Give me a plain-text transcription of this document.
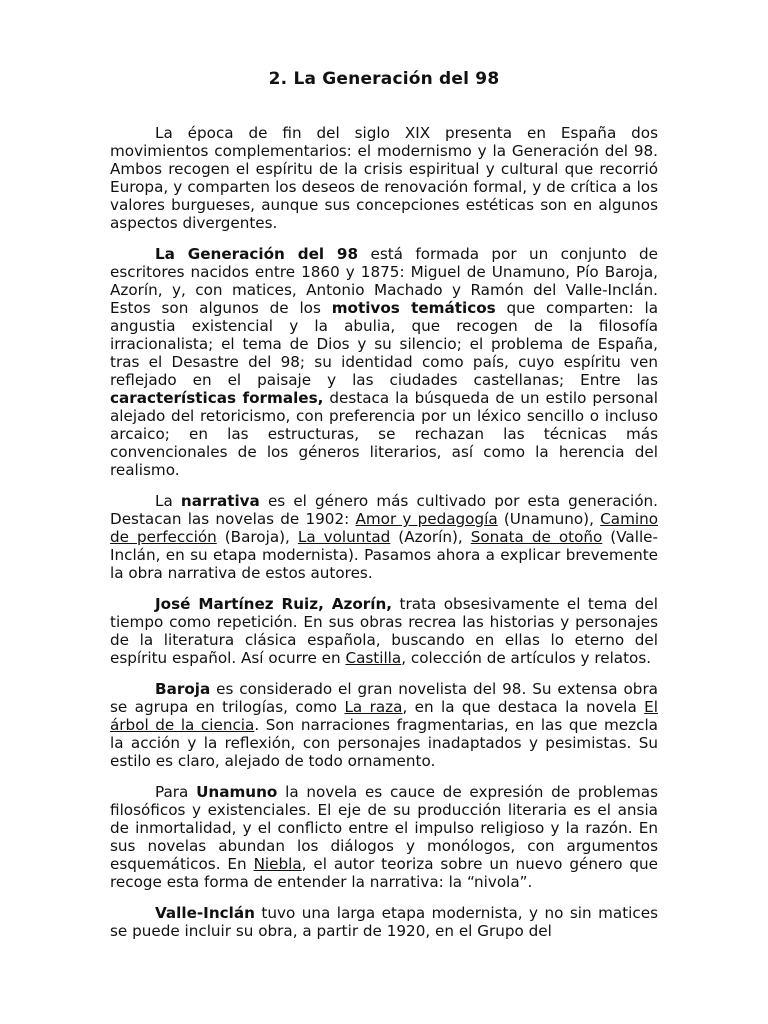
2. La Generación del 98

La época de fin del siglo XIX presenta en España dos movimientos complementarios: el modernismo y la Generación del 98. Ambos recogen el espíritu de la crisis espiritual y cultural que recorrió Europa, y comparten los deseos de renovación formal, y de crítica a los valores burgueses, aunque sus concepciones estéticas son en algunos aspectos divergentes.

La Generación del 98 está formada por un conjunto de escritores nacidos entre 1860 y 1875: Miguel de Unamuno, Pío Baroja, Azorín, y, con matices, Antonio Machado y Ramón del Valle-Inclán. Estos son algunos de los motivos temáticos que comparten: la angustia existencial y la abulia, que recogen de la filosofía irracionalista; el tema de Dios y su silencio; el problema de España, tras el Desastre del 98; su identidad como país, cuyo espíritu ven reflejado en el paisaje y las ciudades castellanas; Entre las características formales, destaca la búsqueda de un estilo personal alejado del retoricismo, con preferencia por un léxico sencillo o incluso arcaico; en las estructuras, se rechazan las técnicas más convencionales de los géneros literarios, así como la herencia del realismo.

La narrativa es el género más cultivado por esta generación. Destacan las novelas de 1902: Amor y pedagogía (Unamuno), Camino de perfección (Baroja), La voluntad (Azorín), Sonata de otoño (Valle-Inclán, en su etapa modernista). Pasamos ahora a explicar brevemente la obra narrativa de estos autores.

José Martínez Ruiz, Azorín, trata obsesivamente el tema del tiempo como repetición. En sus obras recrea las historias y personajes de la literatura clásica española, buscando en ellas lo eterno del espíritu español. Así ocurre en Castilla, colección de artículos y relatos.

Baroja es considerado el gran novelista del 98. Su extensa obra se agrupa en trilogías, como La raza, en la que destaca la novela El árbol de la ciencia. Son narraciones fragmentarias, en las que mezcla la acción y la reflexión, con personajes inadaptados y pesimistas. Su estilo es claro, alejado de todo ornamento.

Para Unamuno la novela es cauce de expresión de problemas filosóficos y existenciales. El eje de su producción literaria es el ansia de inmortalidad, y el conflicto entre el impulso religioso y la razón. En sus novelas abundan los diálogos y monólogos, con argumentos esquemáticos. En Niebla, el autor teoriza sobre un nuevo género que recoge esta forma de entender la narrativa: la “nivola”.

Valle-Inclán tuvo una larga etapa modernista, y no sin matices se puede incluir su obra, a partir de 1920, en el Grupo del
